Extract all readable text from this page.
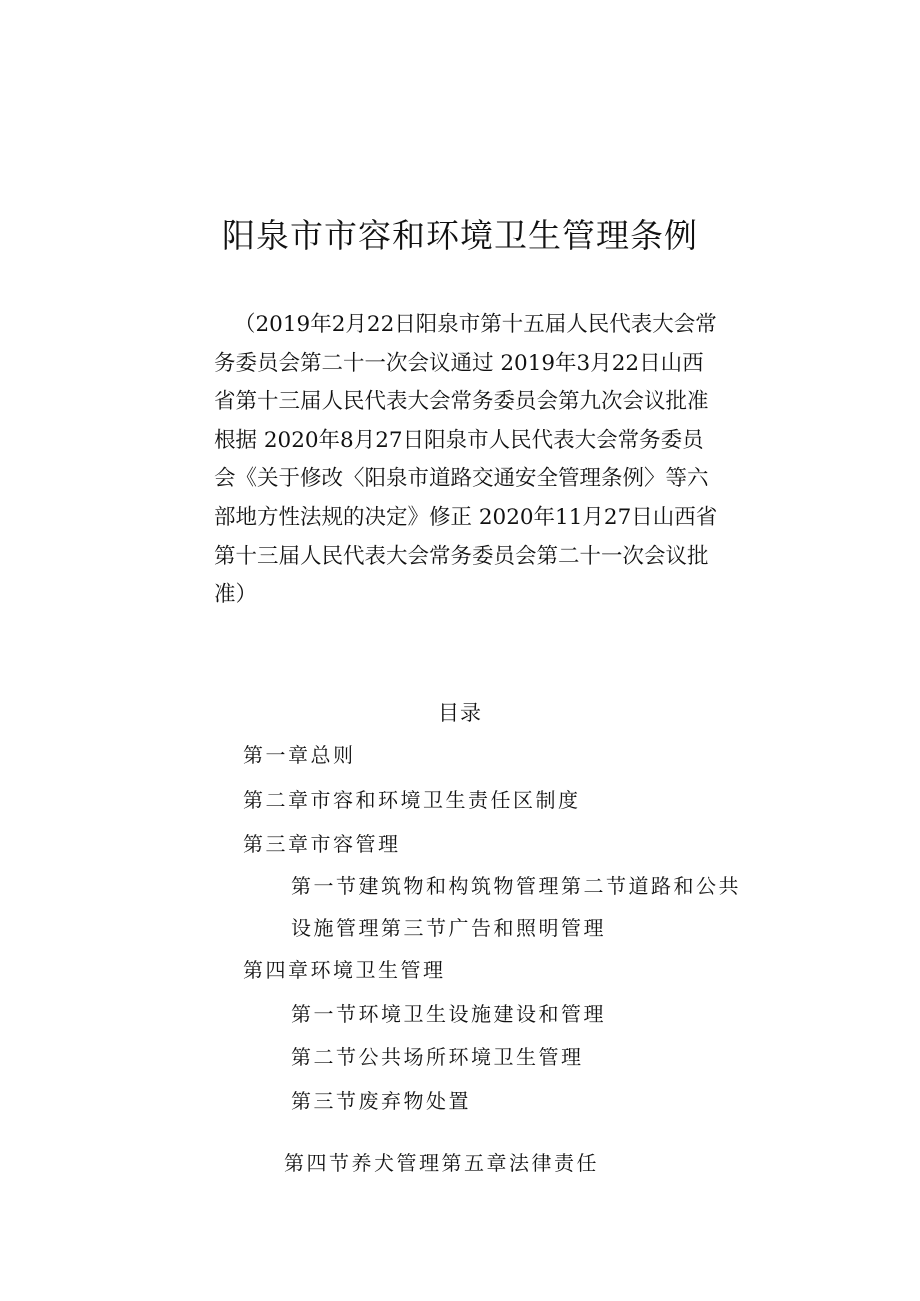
阳泉市市容和环境卫生管理条例
（2019年2月22日阳泉市第十五届人民代表大会常
务委员会第二十一次会议通过 2019年3月22日山西
省第十三届人民代表大会常务委员会第九次会议批准
根据 2020年8月27日阳泉市人民代表大会常务委员
会《关于修改〈阳泉市道路交通安全管理条例〉等六
部地方性法规的决定》修正 2020年11月27日山西省
第十三届人民代表大会常务委员会第二十一次会议批
准）
目录
第一章总则
第二章市容和环境卫生责任区制度
第三章市容管理
第一节建筑物和构筑物管理第二节道路和公共
设施管理第三节广告和照明管理
第四章环境卫生管理
第一节环境卫生设施建设和管理
第二节公共场所环境卫生管理
第三节废弃物处置
第四节养犬管理第五章法律责任
